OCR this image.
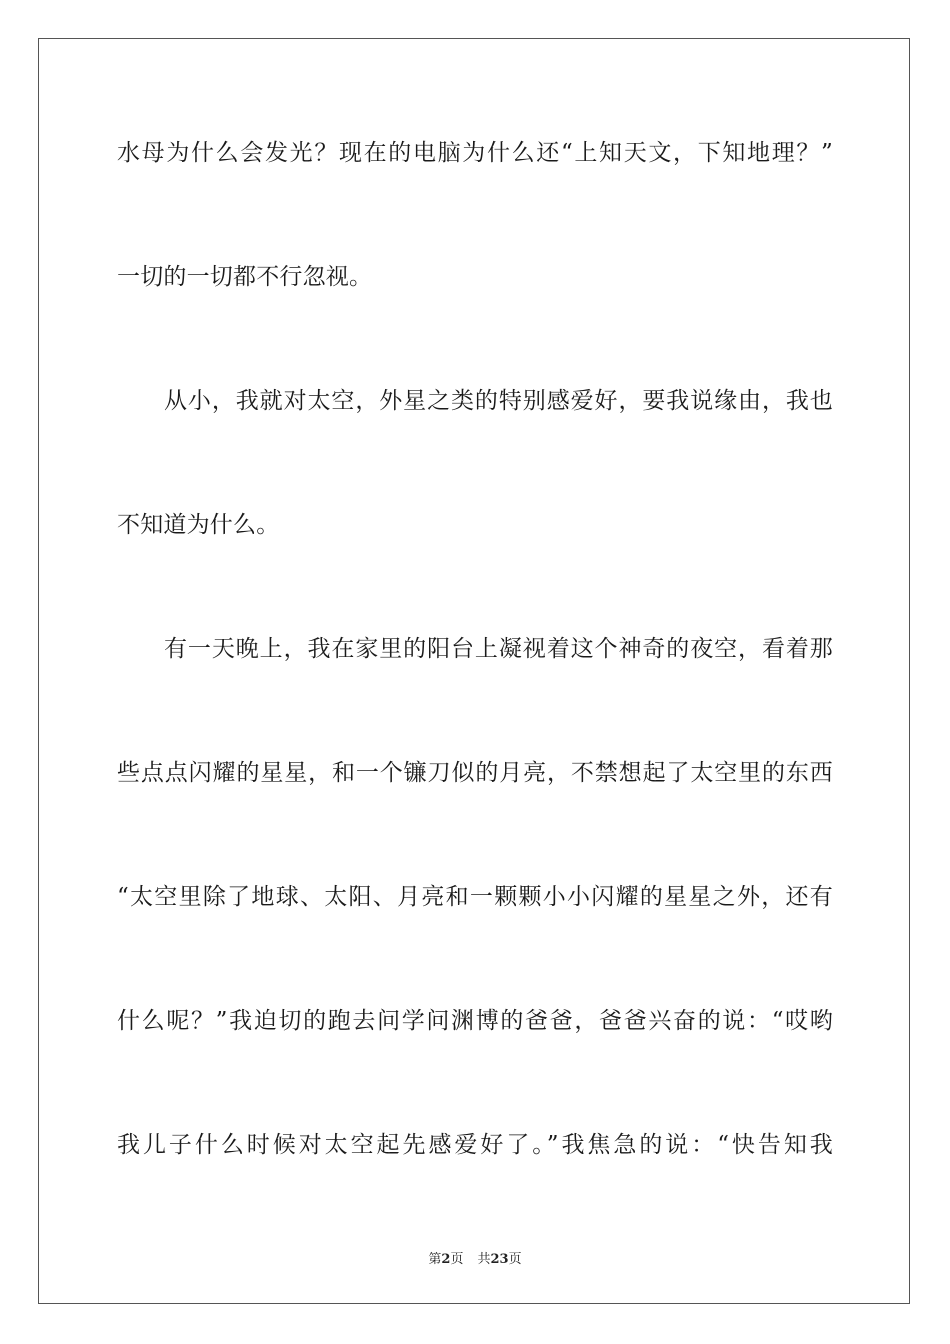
水母为什么会发光？现在的电脑为什么还“上知天文，下知地理？”
一切的一切都不行忽视。
从小，我就对太空，外星之类的特别感爱好，要我说缘由，我也
不知道为什么。
有一天晚上，我在家里的阳台上凝视着这个神奇的夜空，看着那
些点点闪耀的星星，和一个镰刀似的月亮，不禁想起了太空里的东西
“太空里除了地球、太阳、月亮和一颗颗小小闪耀的星星之外，还有
什么呢？”我迫切的跑去问学问渊博的爸爸，爸爸兴奋的说：“哎哟
我儿子什么时候对太空起先感爱好了。”我焦急的说：“快告知我
第2页 共23页
